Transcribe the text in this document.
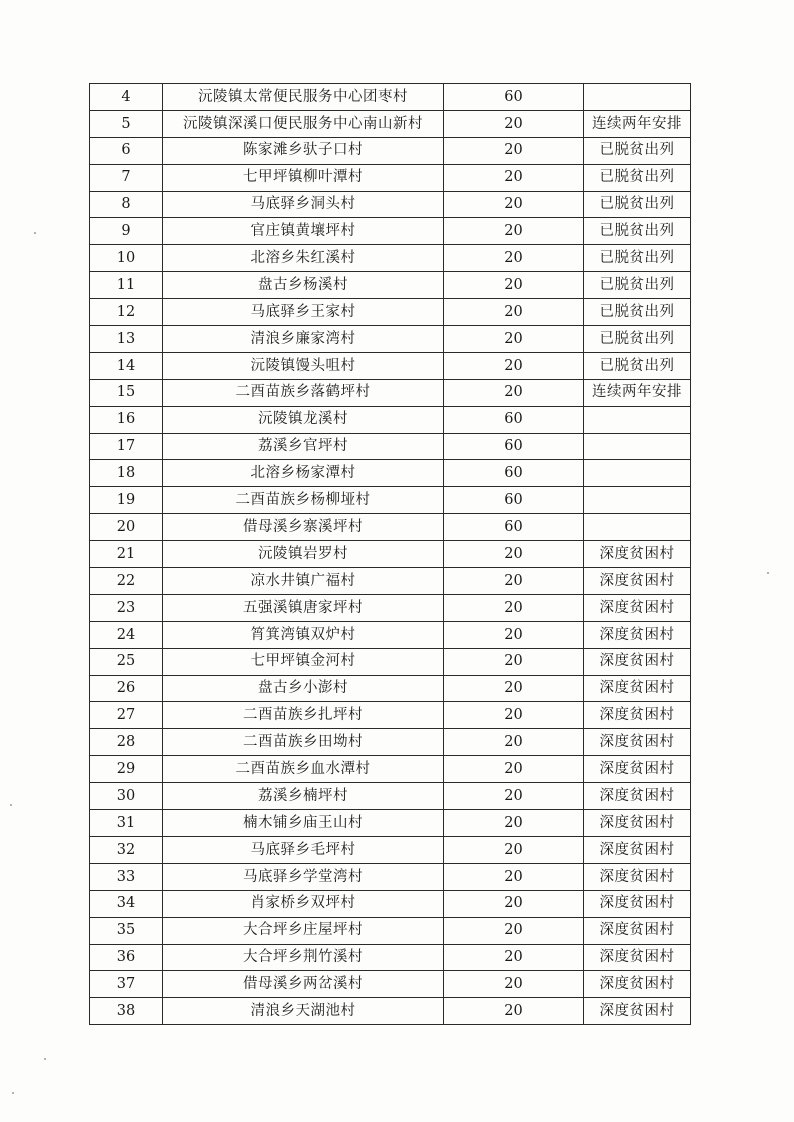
4	沅陵镇太常便民服务中心团枣村	60	
5	沅陵镇深溪口便民服务中心南山新村	20	连续两年安排
6	陈家滩乡驮子口村	20	已脱贫出列
7	七甲坪镇柳叶潭村	20	已脱贫出列
8	马底驿乡洞头村	20	已脱贫出列
9	官庄镇黄壤坪村	20	已脱贫出列
10	北溶乡朱红溪村	20	已脱贫出列
11	盘古乡杨溪村	20	已脱贫出列
12	马底驿乡王家村	20	已脱贫出列
13	清浪乡廉家湾村	20	已脱贫出列
14	沅陵镇馒头咀村	20	已脱贫出列
15	二酉苗族乡落鹤坪村	20	连续两年安排
16	沅陵镇龙溪村	60	
17	荔溪乡官坪村	60	
18	北溶乡杨家潭村	60	
19	二酉苗族乡杨柳垭村	60	
20	借母溪乡寨溪坪村	60	
21	沅陵镇岩罗村	20	深度贫困村
22	凉水井镇广福村	20	深度贫困村
23	五强溪镇唐家坪村	20	深度贫困村
24	筲箕湾镇双炉村	20	深度贫困村
25	七甲坪镇金河村	20	深度贫困村
26	盘古乡小澎村	20	深度贫困村
27	二酉苗族乡扎坪村	20	深度贫困村
28	二酉苗族乡田坳村	20	深度贫困村
29	二酉苗族乡血水潭村	20	深度贫困村
30	荔溪乡楠坪村	20	深度贫困村
31	楠木铺乡庙王山村	20	深度贫困村
32	马底驿乡毛坪村	20	深度贫困村
33	马底驿乡学堂湾村	20	深度贫困村
34	肖家桥乡双坪村	20	深度贫困村
35	大合坪乡庄屋坪村	20	深度贫困村
36	大合坪乡荆竹溪村	20	深度贫困村
37	借母溪乡两岔溪村	20	深度贫困村
38	清浪乡天湖池村	20	深度贫困村
